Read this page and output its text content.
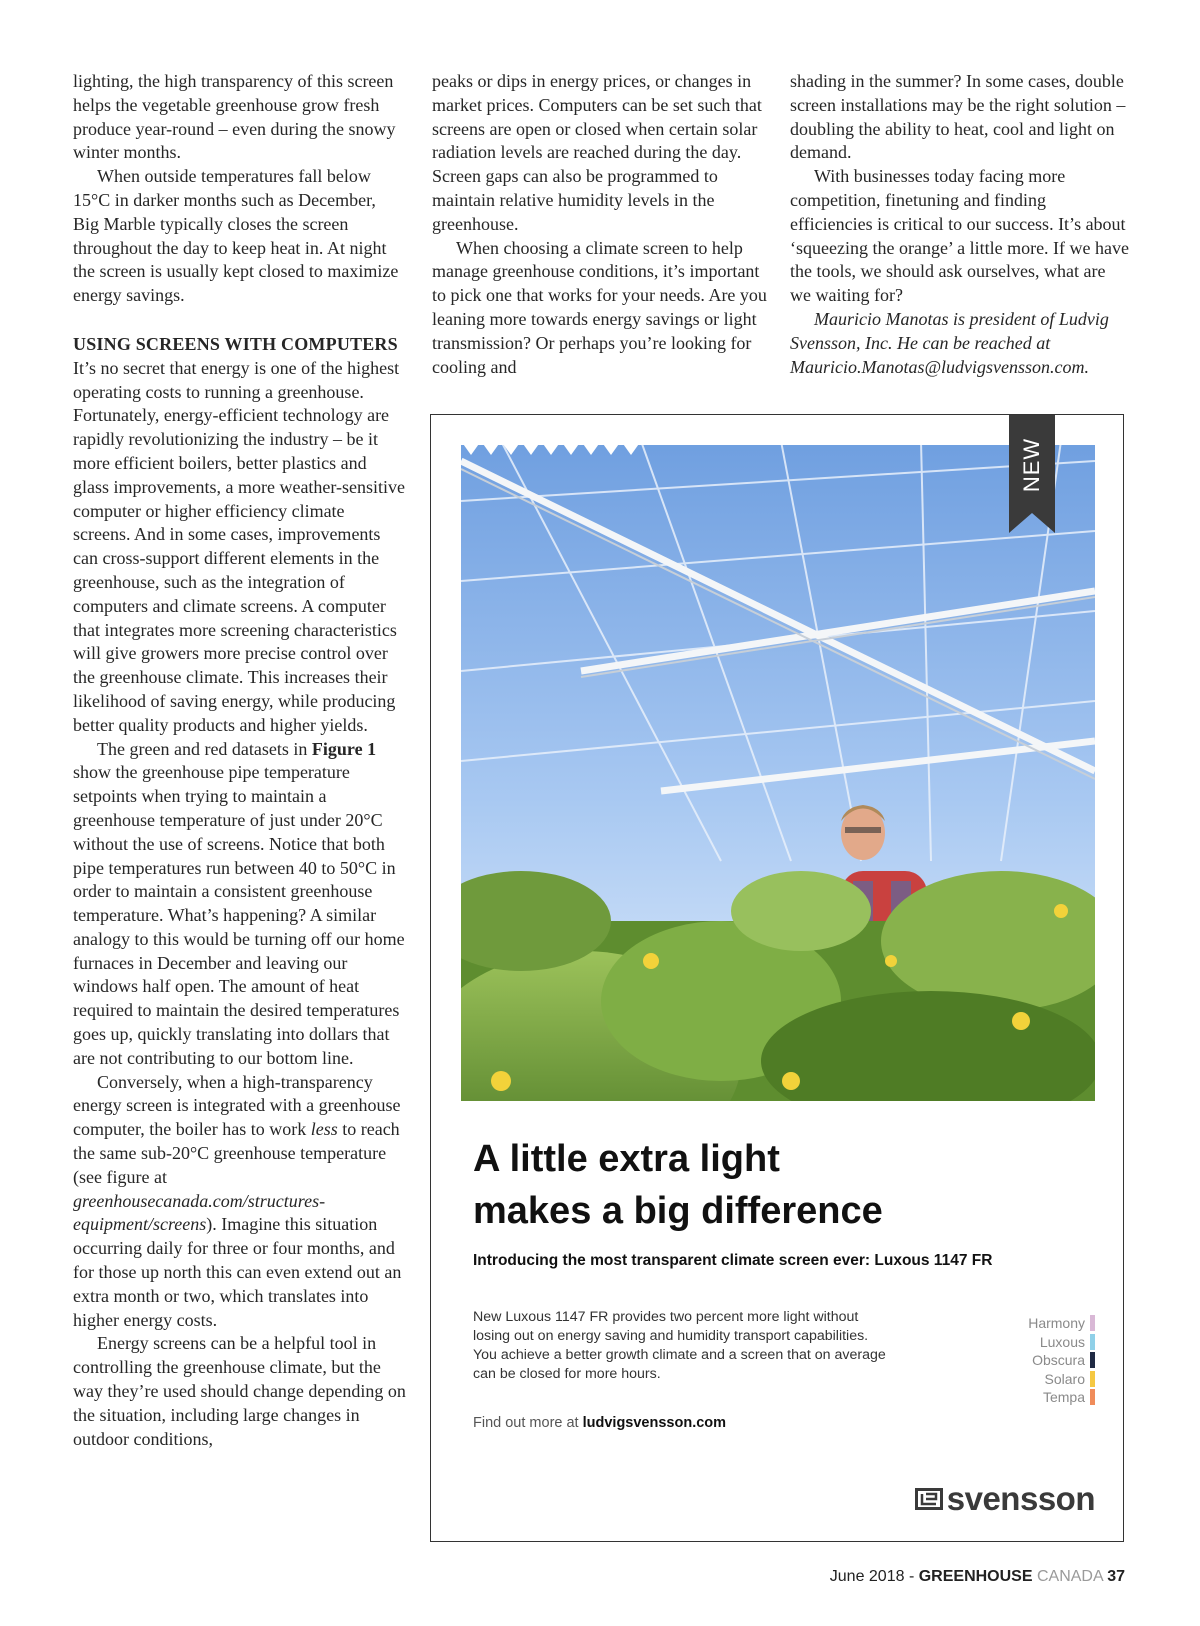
lighting, the high transparency of this screen helps the vegetable greenhouse grow fresh produce year-round – even during the snowy winter months.

When outside temperatures fall below 15°C in darker months such as December, Big Marble typically closes the screen throughout the day to keep heat in. At night the screen is usually kept closed to maximize energy savings.

USING SCREENS WITH COMPUTERS

It’s no secret that energy is one of the highest operating costs to running a greenhouse. Fortunately, energy-efficient technology are rapidly revolutionizing the industry – be it more efficient boilers, better plastics and glass improvements, a more weather-sensitive computer or higher efficiency climate screens. And in some cases, improvements can cross-support different elements in the greenhouse, such as the integration of computers and climate screens. A computer that integrates more screening characteristics will give growers more precise control over the greenhouse climate. This increases their likelihood of saving energy, while producing better quality products and higher yields.

The green and red datasets in Figure 1 show the greenhouse pipe temperature setpoints when trying to maintain a greenhouse temperature of just under 20°C without the use of screens. Notice that both pipe temperatures run between 40 to 50°C in order to maintain a consistent greenhouse temperature. What’s happening? A similar analogy to this would be turning off our home furnaces in December and leaving our windows half open. The amount of heat required to maintain the desired temperatures goes up, quickly translating into dollars that are not contributing to our bottom line.

Conversely, when a high-transparency energy screen is integrated with a greenhouse computer, the boiler has to work less to reach the same sub-20°C greenhouse temperature (see figure at greenhousecanada.com/structures-equipment/screens). Imagine this situation occurring daily for three or four months, and for those up north this can even extend out an extra month or two, which translates into higher energy costs.

Energy screens can be a helpful tool in controlling the greenhouse climate, but the way they’re used should change depending on the situation, including large changes in outdoor conditions,

peaks or dips in energy prices, or changes in market prices. Computers can be set such that screens are open or closed when certain solar radiation levels are reached during the day. Screen gaps can also be programmed to maintain relative humidity levels in the greenhouse.

When choosing a climate screen to help manage greenhouse conditions, it’s important to pick one that works for your needs. Are you leaning more towards energy savings or light transmission? Or perhaps you’re looking for cooling and

shading in the summer? In some cases, double screen installations may be the right solution – doubling the ability to heat, cool and light on demand.

With businesses today facing more competition, finetuning and finding efficiencies is critical to our success. It’s about ‘squeezing the orange’ a little more. If we have the tools, we should ask ourselves, what are we waiting for?

Mauricio Manotas is president of Ludvig Svensson, Inc. He can be reached at Mauricio.Manotas@ludvigsvensson.com.

NEW
A little extra light
makes a big difference
Introducing the most transparent climate screen ever: Luxous 1147 FR
New Luxous 1147 FR provides two percent more light without losing out on energy saving and humidity transport capabilities. You achieve a better growth climate and a screen that on average can be closed for more hours.
Find out more at ludvigsvensson.com
Harmony
Luxous
Obscura
Solaro
Tempa
svensson
June 2018 - GREENHOUSE CANADA 37
